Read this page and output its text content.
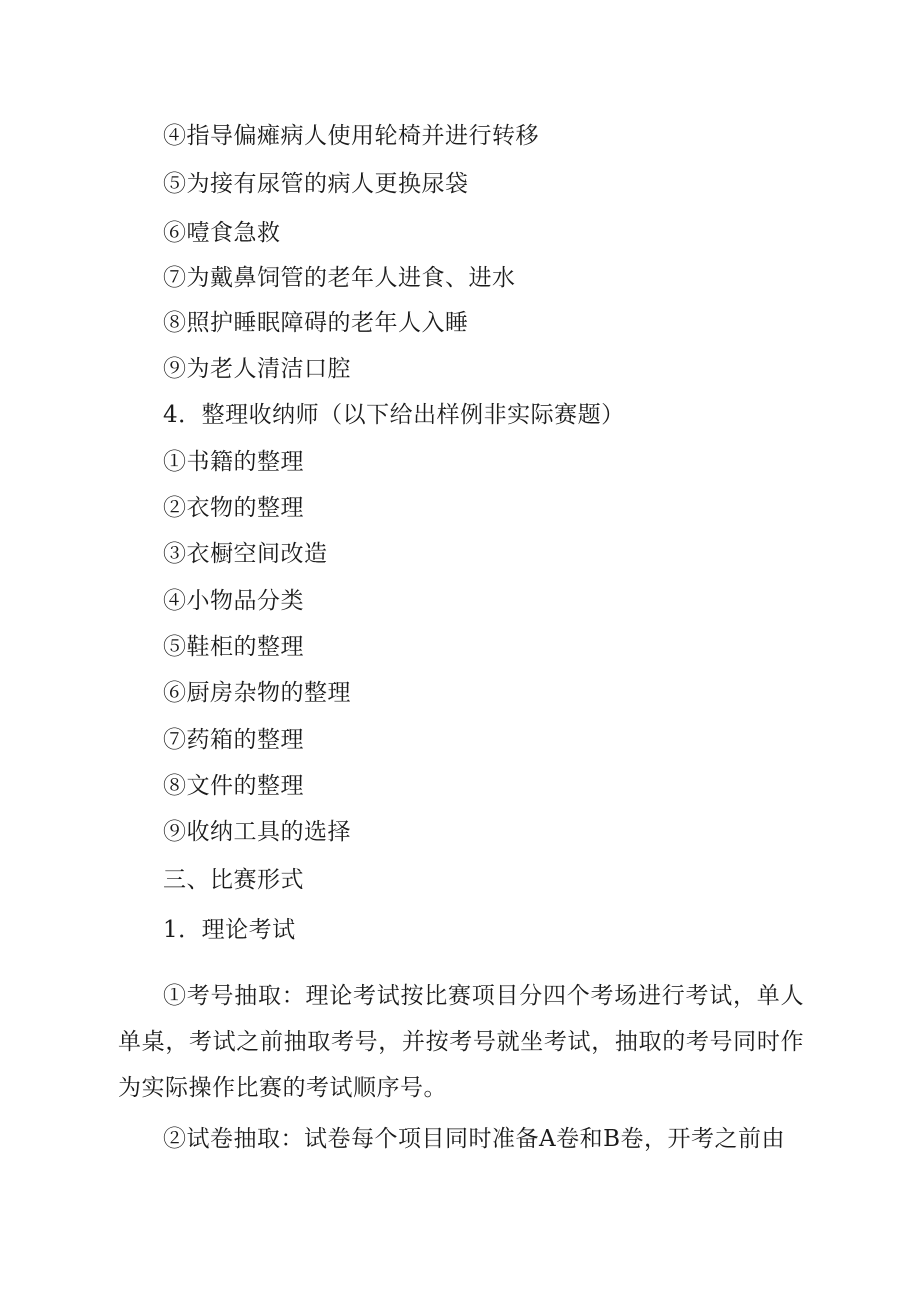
④指导偏瘫病人使用轮椅并进行转移
⑤为接有尿管的病人更换尿袋
⑥噎食急救
⑦为戴鼻饲管的老年人进食、进水
⑧照护睡眠障碍的老年人入睡
⑨为老人清洁口腔
4．整理收纳师（以下给出样例非实际赛题）
①书籍的整理
②衣物的整理
③衣橱空间改造
④小物品分类
⑤鞋柜的整理
⑥厨房杂物的整理
⑦药箱的整理
⑧文件的整理
⑨收纳工具的选择
三、比赛形式
1．理论考试
①考号抽取：理论考试按比赛项目分四个考场进行考试，单人单桌，考试之前抽取考号，并按考号就坐考试，抽取的考号同时作为实际操作比赛的考试顺序号。
②试卷抽取：试卷每个项目同时准备A卷和B卷，开考之前由
